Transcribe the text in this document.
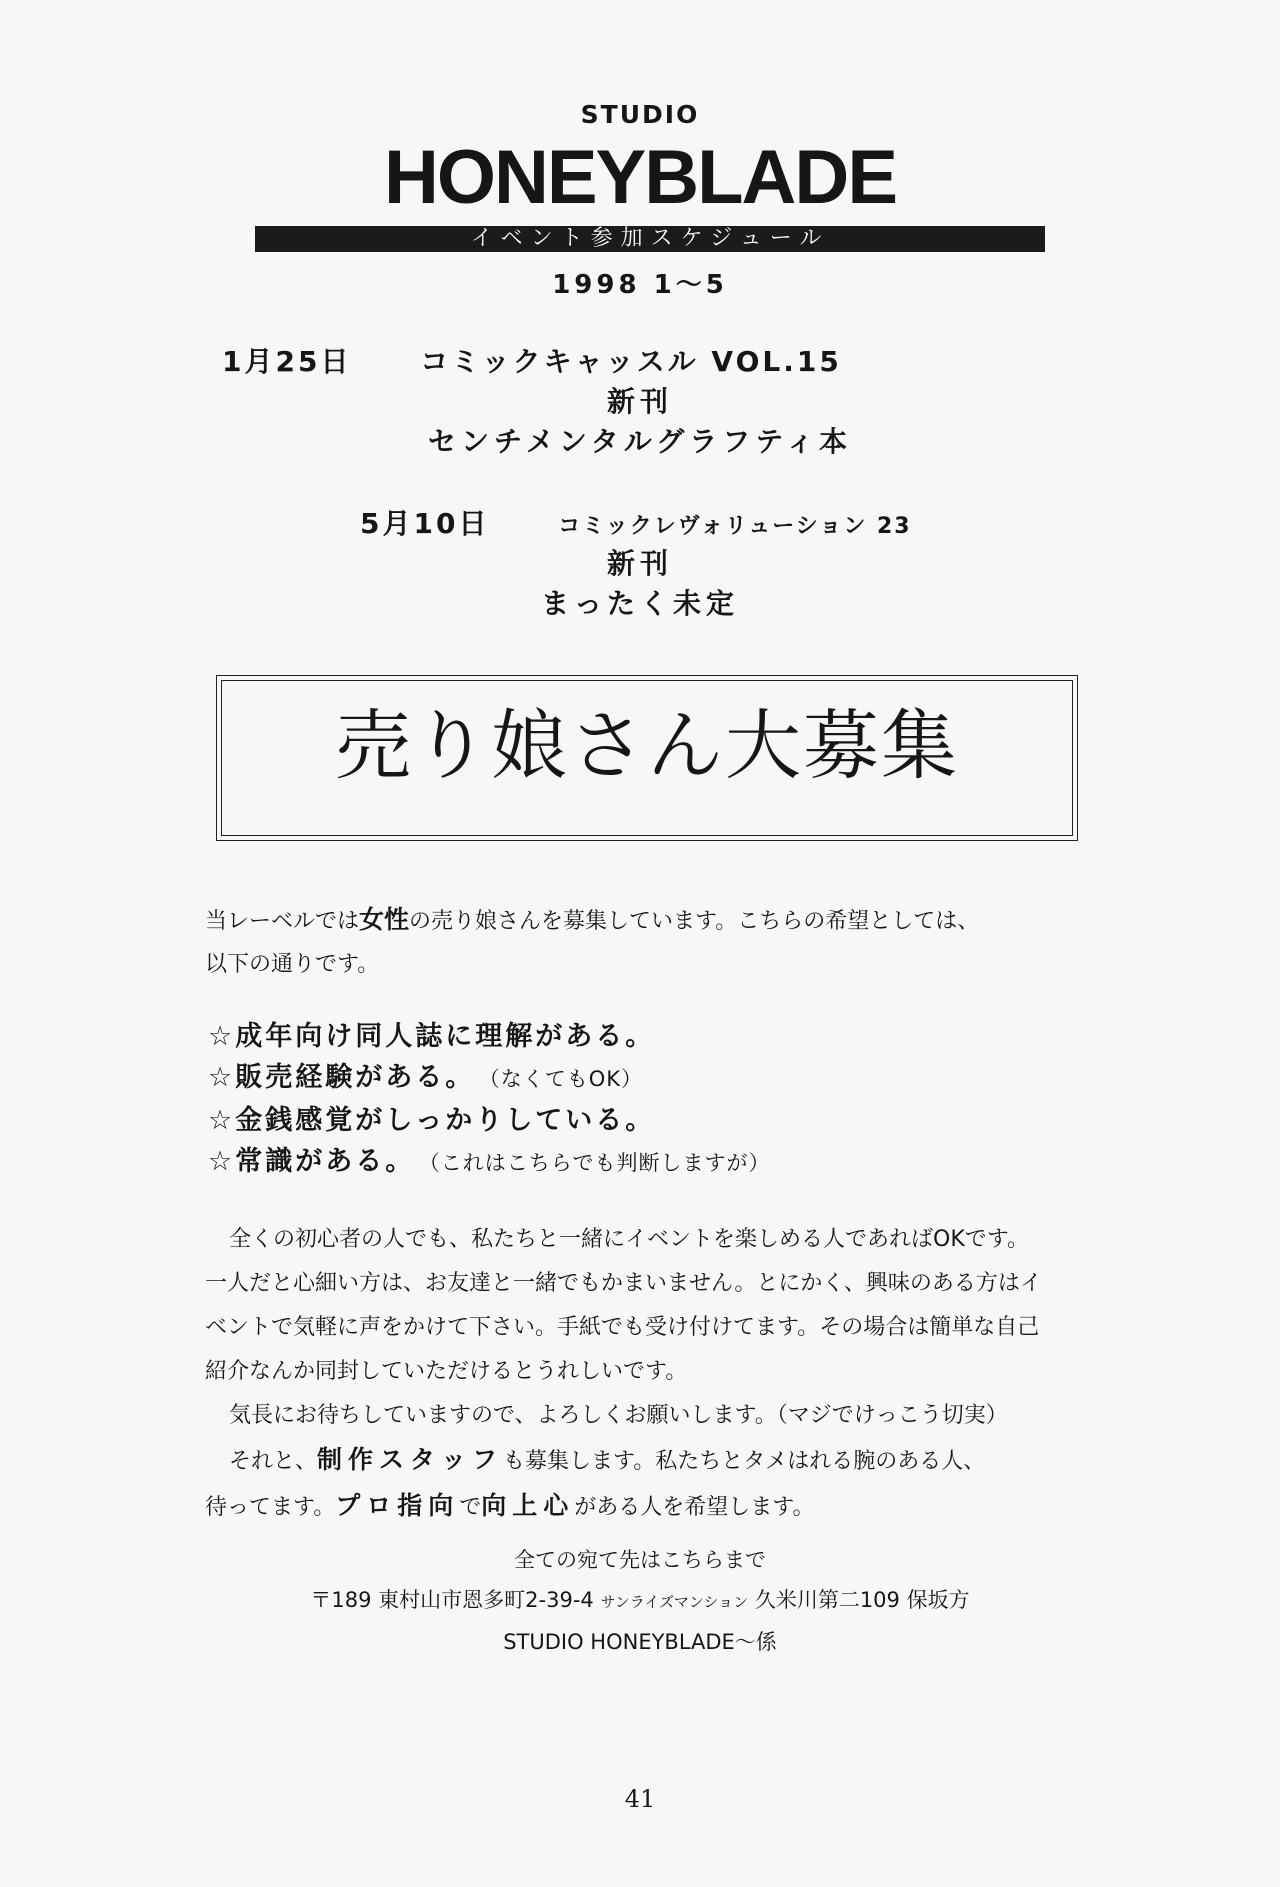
STUDIO
HONEYBLADE
イベント参加スケジュール
1998 1〜5
1月25日 コミックキャッスル VOL.15
新刊
センチメンタルグラフティ本
5月10日	コミックレヴォリューション 23
新刊
まったく未定
売り娘さん大募集

当レーベルでは女性の売り娘さんを募集しています。こちらの希望としては、

以下の通りです。

☆成年向け同人誌に理解がある。
☆販売経験がある。 （なくてもOK）
☆金銭感覚がしっかりしている。
☆常識がある。 （これはこちらでも判断しますが）

全くの初心者の人でも、私たちと一緒にイベントを楽しめる人であればOKです。

一人だと心細い方は、お友達と一緒でもかまいません。とにかく、興味のある方はイ

ベントで気軽に声をかけて下さい。手紙でも受け付けてます。その場合は簡単な自己

紹介なんか同封していただけるとうれしいです。

気長にお待ちしていますので、よろしくお願いします。（マジでけっこう切実）

それと、制作スタッフも募集します。私たちとタメはれる腕のある人、

待ってます。プロ指向で向上心がある人を希望します。

全ての宛て先はこちらまで
〒189 東村山市恩多町2-39-4 サンライズマンション 久米川第二109 保坂方
STUDIO HONEYBLADE〜係
41
